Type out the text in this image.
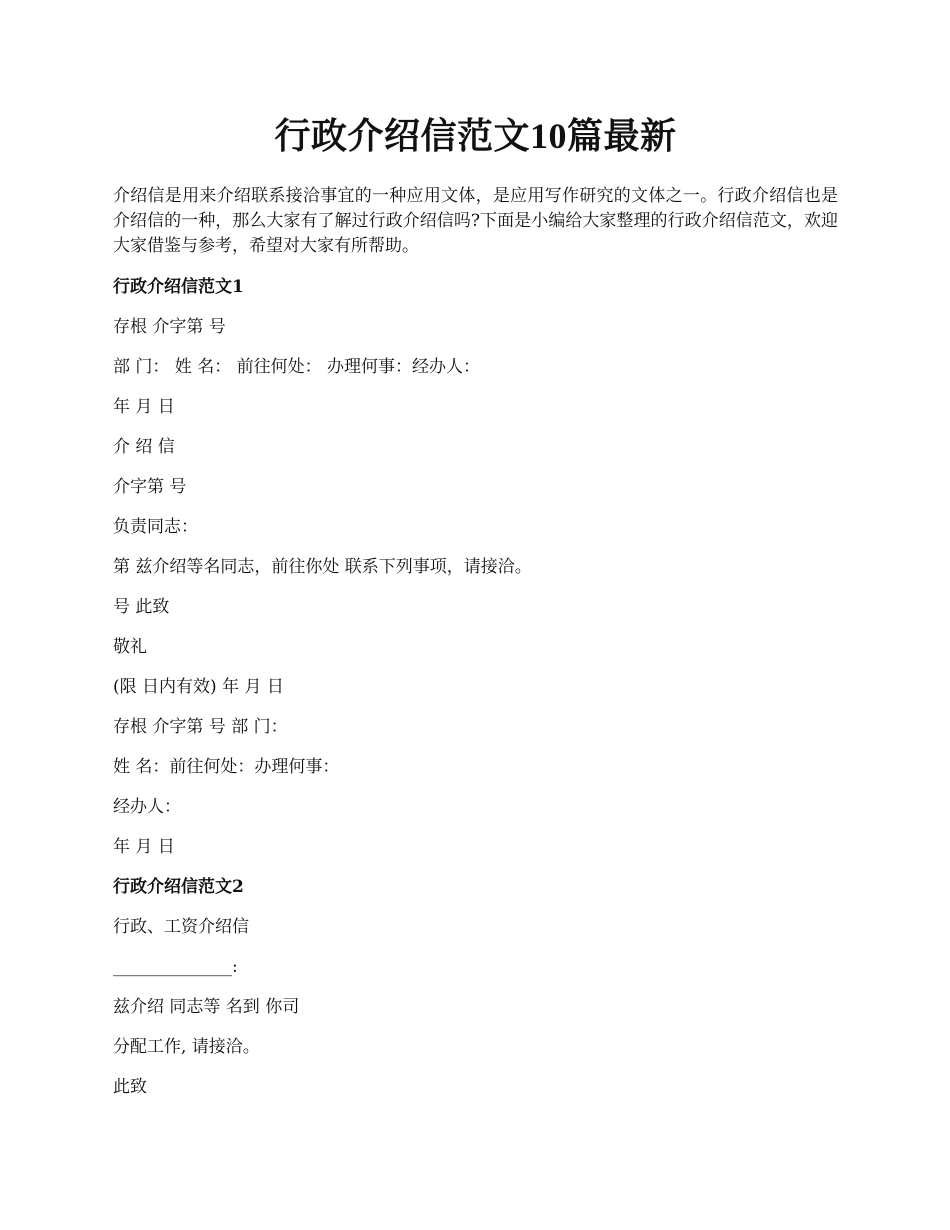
行政介绍信范文10篇最新

介绍信是用来介绍联系接洽事宜的一种应用文体，是应用写作研究的文体之一。行政介绍信也是介绍信的一种，那么大家有了解过行政介绍信吗?下面是小编给大家整理的行政介绍信范文，欢迎大家借鉴与参考，希望对大家有所帮助。

行政介绍信范文1
存根 介字第 号
部 门： 姓 名： 前往何处： 办理何事：经办人：
年 月 日
介 绍 信
介字第 号
负责同志：
第 兹介绍等名同志，前往你处 联系下列事项，请接洽。
号 此致
敬礼
(限 日内有效) 年 月 日
存根 介字第 号 部 门：
姓 名：前往何处：办理何事：
经办人：
年 月 日
行政介绍信范文2
行政、工资介绍信
______________:
兹介绍 同志等 名到 你司
分配工作, 请接洽。
此致
